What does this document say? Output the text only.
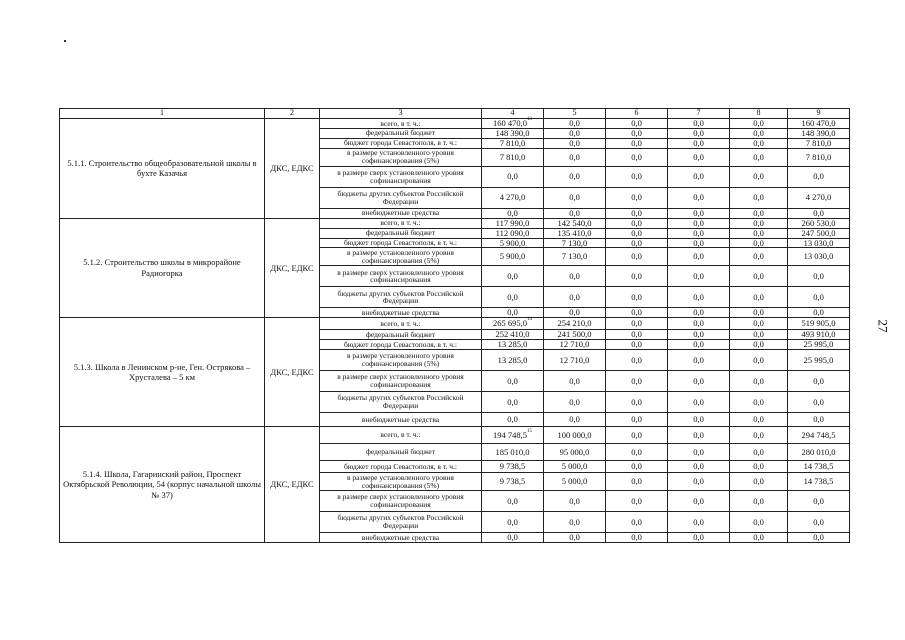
27
1	2	3	4	5	6	7	8	9
5.1.1. Строительство общеобразовательной школы в бухте Казачья	ДКС, ЕДКС	всего, в т. ч.:	160 470,0$^{13}$	0,0	0,0	0,0	0,0	160 470,0
		федеральный бюджет	148 390,0	0,0	0,0	0,0	0,0	148 390,0
		бюджет города Севастополя, в т. ч.:	7 810,0	0,0	0,0	0,0	0,0	7 810,0
		в размере установленного уровня софинансирования (5%)	7 810,0	0,0	0,0	0,0	0,0	7 810,0
		в размере сверх установленного уровня софинансирования	0,0	0,0	0,0	0,0	0,0	0,0
		бюджеты других субъектов Российской Федерации	4 270,0	0,0	0,0	0,0	0,0	4 270,0
		внебюджетные средства	0,0	0,0	0,0	0,0	0,0	0,0
5.1.2. Строительство школы в микрорайоне Радиогорка	ДКС, ЕДКС	всего, в т. ч.:	117 990,0	142 540,0	0,0	0,0	0,0	260 530,0
		федеральный бюджет	112 090,0	135 410,0	0,0	0,0	0,0	247 500,0
		бюджет города Севастополя, в т. ч.:	5 900,0	7 130,0	0,0	0,0	0,0	13 030,0
		в размере установленного уровня софинансирования (5%)	5 900,0	7 130,0	0,0	0,0	0,0	13 030,0
		в размере сверх установленного уровня софинансирования	0,0	0,0	0,0	0,0	0,0	0,0
		бюджеты других субъектов Российской Федерации	0,0	0,0	0,0	0,0	0,0	0,0
		внебюджетные средства	0,0	0,0	0,0	0,0	0,0	0,0
5.1.3. Школа в Ленинском р-не, Ген. Острякова – Хрусталева – 5 км	ДКС, ЕДКС	всего, в т. ч.:	265 695,0$^{14}$	254 210,0	0,0	0,0	0,0	519 905,0
		федеральный бюджет	252 410,0	241 500,0	0,0	0,0	0,0	493 910,0
		бюджет города Севастополя, в т. ч.:	13 285,0	12 710,0	0,0	0,0	0,0	25 995,0
		в размере установленного уровня софинансирования (5%)	13 285,0	12 710,0	0,0	0,0	0,0	25 995,0
		в размере сверх установленного уровня софинансирования	0,0	0,0	0,0	0,0	0,0	0,0
		бюджеты других субъектов Российской Федерации	0,0	0,0	0,0	0,0	0,0	0,0
		внебюджетные средства	0,0	0,0	0,0	0,0	0,0	0,0
5.1.4. Школа, Гагаринский район, Проспект Октябрьской Революции, 54 (корпус начальной школы № 37)	ДКС, ЕДКС	всего, в т. ч.:	194 748,5$^{15}$	100 000,0	0,0	0,0	0,0	294 748,5
		федеральный бюджет	185 010,0	95 000,0	0,0	0,0	0,0	280 010,0
		бюджет города Севастополя, в т. ч.:	9 738,5	5 000,0	0,0	0,0	0,0	14 738,5
		в размере установленного уровня софинансирования (5%)	9 738,5	5 000,0	0,0	0,0	0,0	14 738,5
		в размере сверх установленного уровня софинансирования	0,0	0,0	0,0	0,0	0,0	0,0
		бюджеты других субъектов Российской Федерации	0,0	0,0	0,0	0,0	0,0	0,0
		внебюджетные средства	0,0	0,0	0,0	0,0	0,0	0,0
